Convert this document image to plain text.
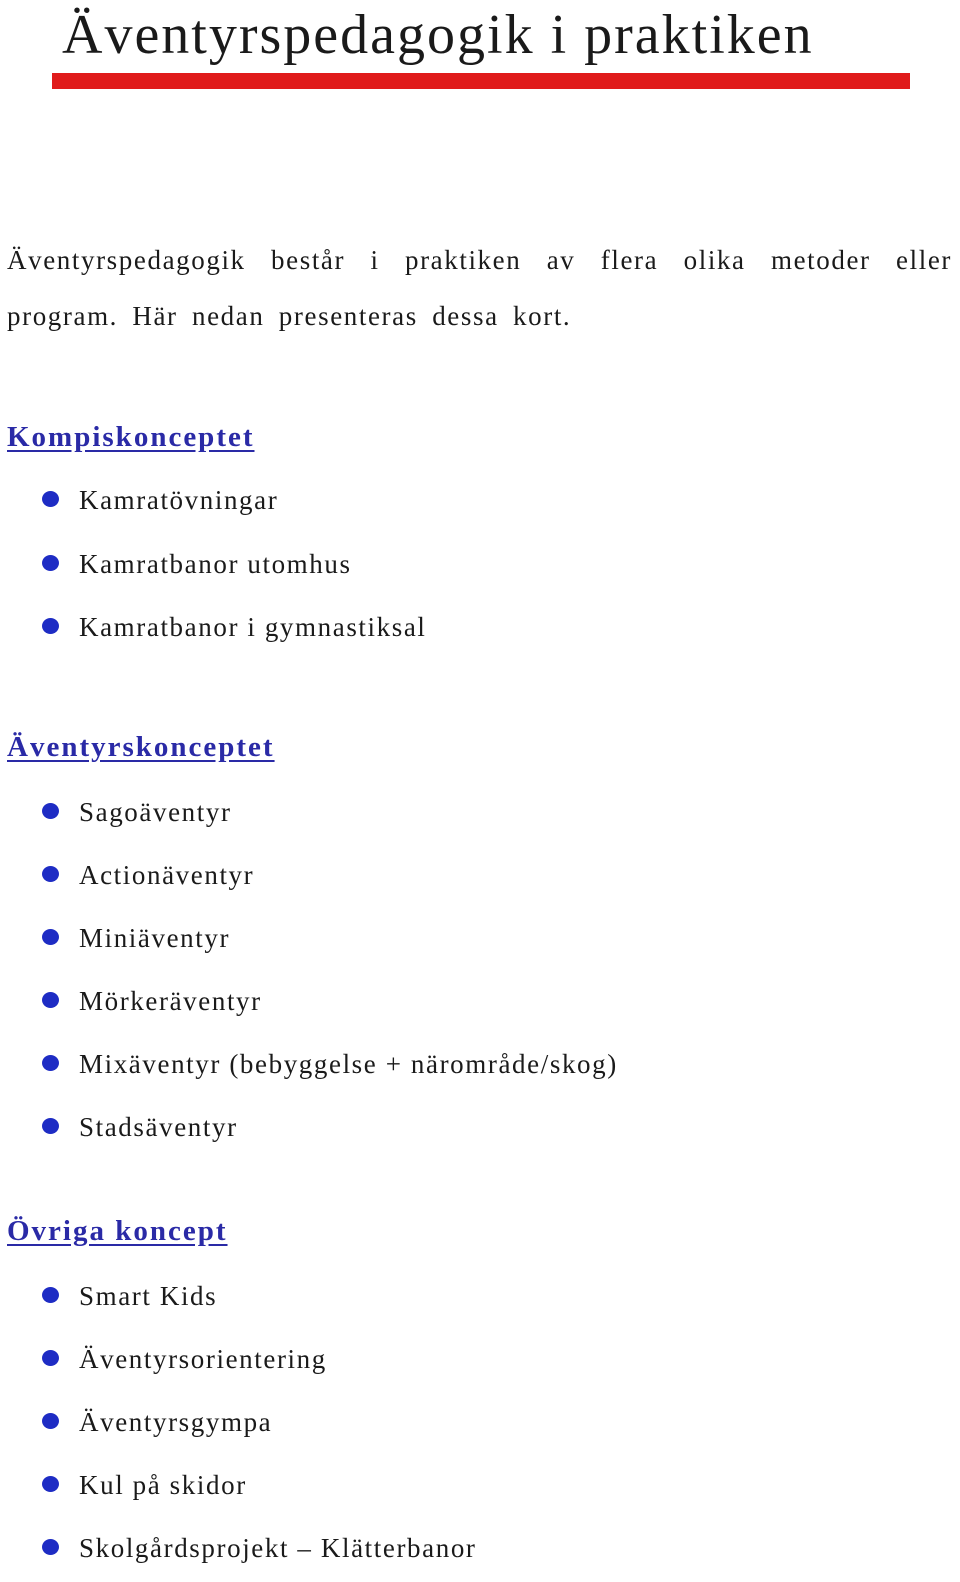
Äventyrspedagogik i praktiken

Äventyrspedagogik består i praktiken av flera olika metoder eller program. Här nedan presenteras dessa kort.

Kompiskonceptet
Kamratövningar
Kamratbanor utomhus
Kamratbanor i gymnastiksal
Äventyrskonceptet
Sagoäventyr
Actionäventyr
Miniäventyr
Mörkeräventyr
Mixäventyr (bebyggelse + närområde/skog)
Stadsäventyr
Övriga koncept
Smart Kids
Äventyrsorientering
Äventyrsgympa
Kul på skidor
Skolgårdsprojekt – Klätterbanor
